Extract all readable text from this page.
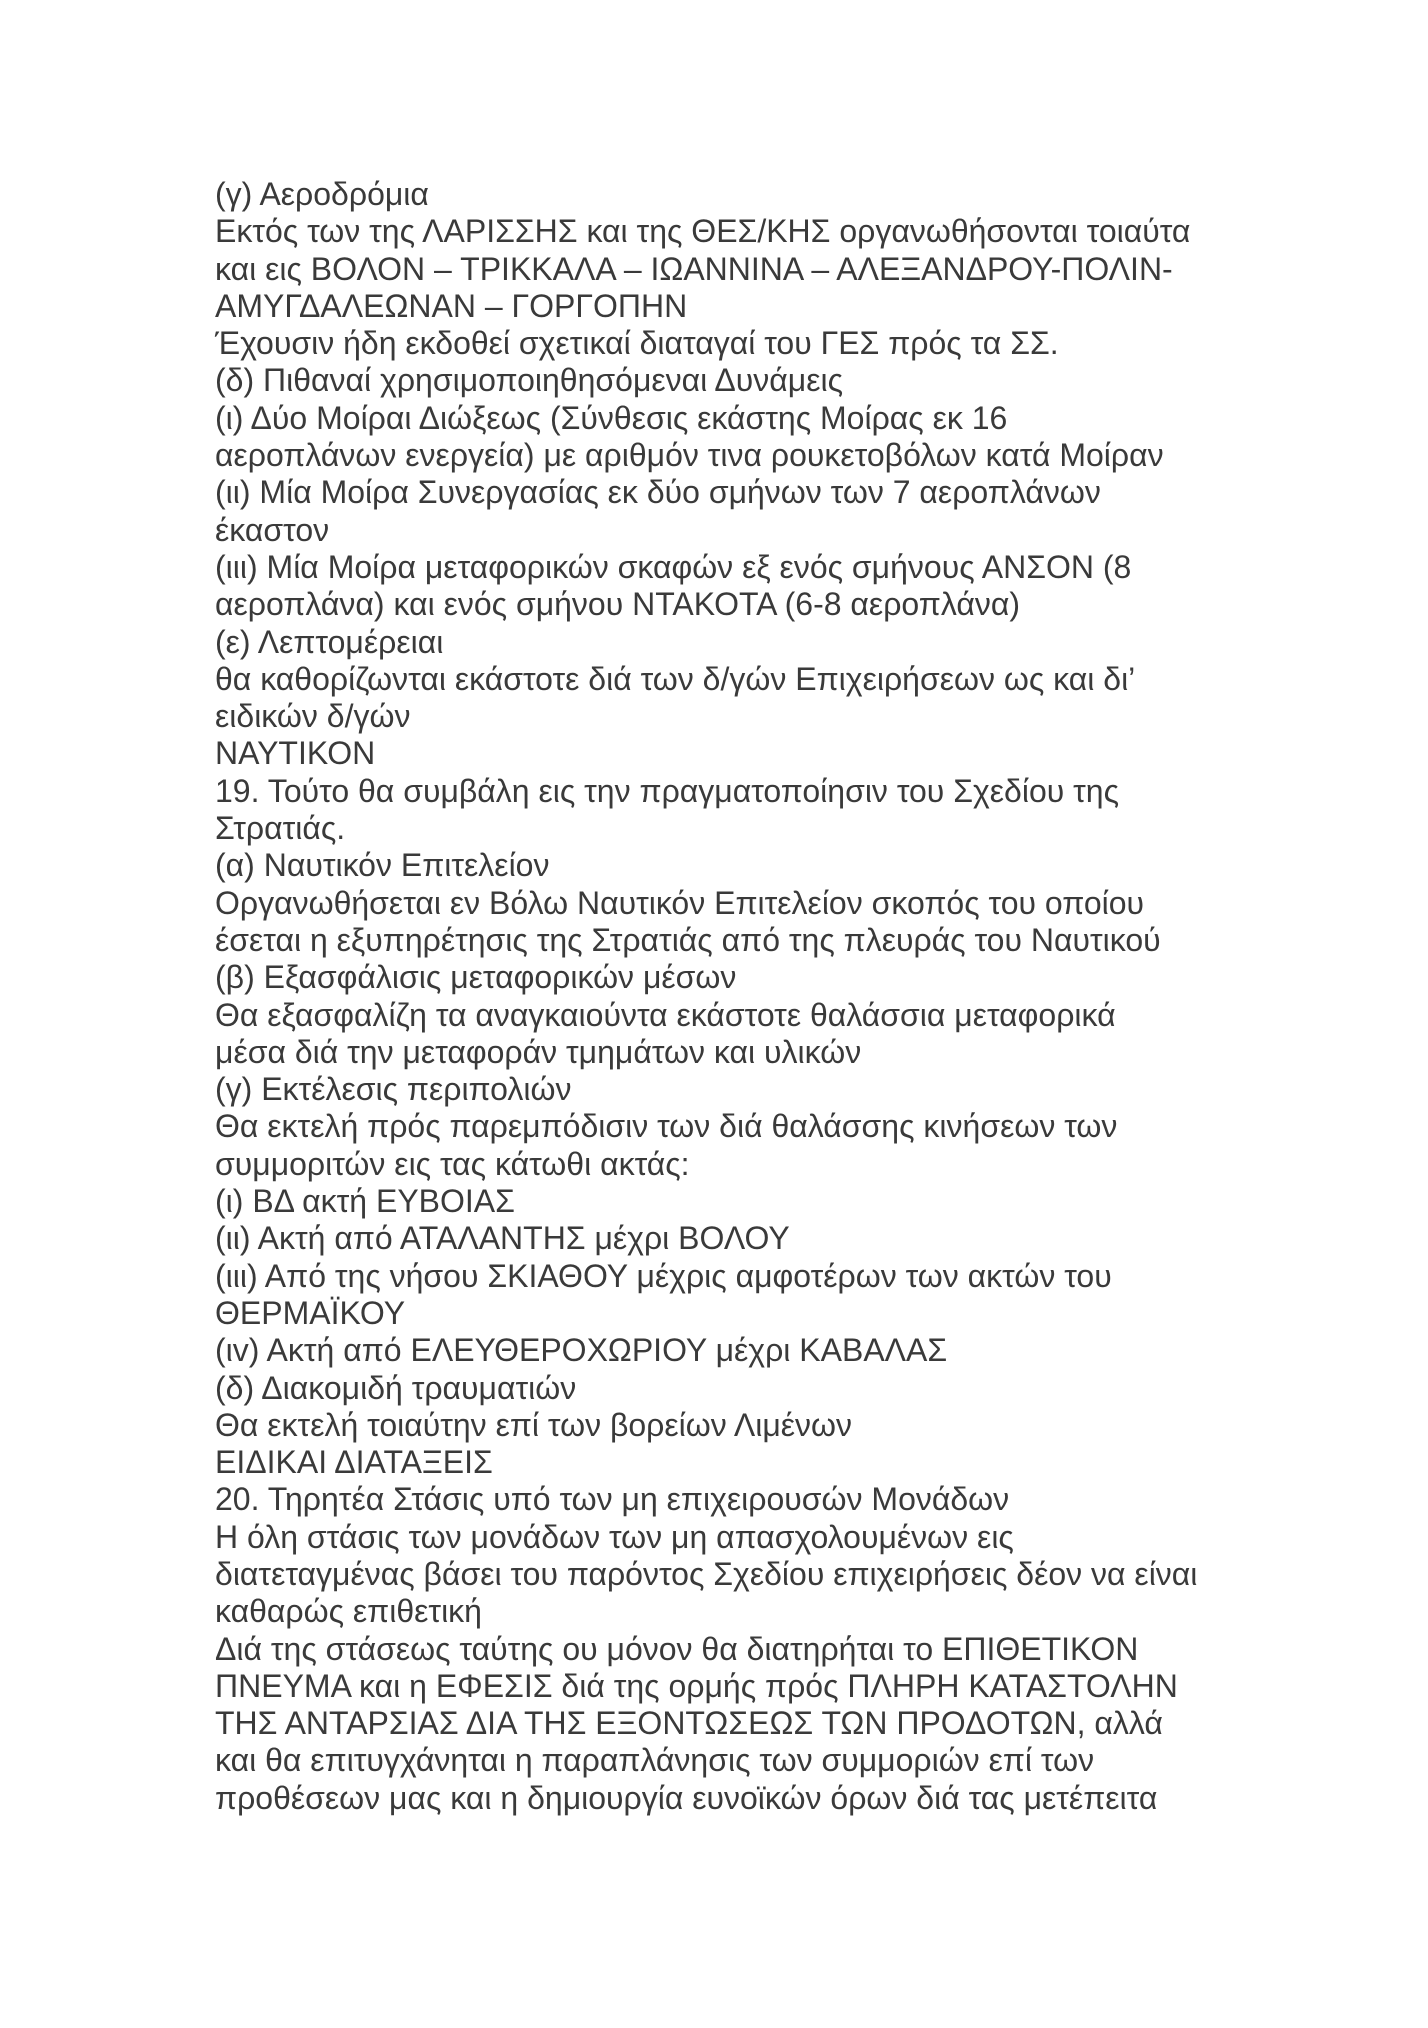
(γ) Αεροδρόμια
Εκτός των της ΛΑΡΙΣΣΗΣ και της ΘΕΣ/ΚΗΣ οργανωθήσονται τοιαύτα
και εις ΒΟΛΟΝ – ΤΡΙΚΚΑΛΑ – ΙΩΑΝΝΙΝΑ – ΑΛΕΞΑΝΔΡΟΥ-ΠΟΛΙΝ-
ΑΜΥΓΔΑΛΕΩΝΑΝ – ΓΟΡΓΟΠΗΝ
Έχουσιν ήδη εκδοθεί σχετικαί διαταγαί του ΓΕΣ πρός τα ΣΣ.
(δ) Πιθαναί χρησιμοποιηθησόμεναι Δυνάμεις
(ι) Δύο Μοίραι Διώξεως (Σύνθεσις εκάστης Μοίρας εκ 16
αεροπλάνων ενεργεία) με αριθμόν τινα ρουκετοβόλων κατά Μοίραν
(ιι) Μία Μοίρα Συνεργασίας εκ δύο σμήνων των 7 αεροπλάνων
έκαστον
(ιιι) Μία Μοίρα μεταφορικών σκαφών εξ ενός σμήνους ΑΝΣΟΝ (8
αεροπλάνα) και ενός σμήνου ΝΤΑΚΟΤΑ (6-8 αεροπλάνα)
(ε) Λεπτομέρειαι
θα καθορίζωνται εκάστοτε διά των δ/γών Επιχειρήσεων ως και δι’
ειδικών δ/γών
ΝΑΥΤΙΚΟΝ
19. Τούτο θα συμβάλη εις την πραγματοποίησιν του Σχεδίου της
Στρατιάς.
(α) Ναυτικόν Επιτελείον
Οργανωθήσεται εν Βόλω Ναυτικόν Επιτελείον σκοπός του οποίου
έσεται η εξυπηρέτησις της Στρατιάς από της πλευράς του Ναυτικού
(β) Εξασφάλισις μεταφορικών μέσων
Θα εξασφαλίζη τα αναγκαιούντα εκάστοτε θαλάσσια μεταφορικά
μέσα διά την μεταφοράν τμημάτων και υλικών
(γ) Εκτέλεσις περιπολιών
Θα εκτελή πρός παρεμπόδισιν των διά θαλάσσης κινήσεων των
συμμοριτών εις τας κάτωθι ακτάς:
(ι) ΒΔ ακτή ΕΥΒΟΙΑΣ
(ιι) Ακτή από ΑΤΑΛΑΝΤΗΣ μέχρι ΒΟΛΟΥ
(ιιι) Από της νήσου ΣΚΙΑΘΟΥ μέχρις αμφοτέρων των ακτών του
ΘΕΡΜΑΪΚΟΥ
(ιv) Ακτή από ΕΛΕΥΘΕΡΟΧΩΡΙΟΥ μέχρι ΚΑΒΑΛΑΣ
(δ) Διακομιδή τραυματιών
Θα εκτελή τοιαύτην επί των βορείων Λιμένων
ΕΙΔΙΚΑΙ ΔΙΑΤΑΞΕΙΣ
20. Τηρητέα Στάσις υπό των μη επιχειρουσών Μονάδων
Η όλη στάσις των μονάδων των μη απασχολουμένων εις
διατεταγμένας βάσει του παρόντος Σχεδίου επιχειρήσεις δέον να είναι
καθαρώς επιθετική
Διά της στάσεως ταύτης ου μόνον θα διατηρήται το ΕΠΙΘΕΤΙΚΟΝ
ΠΝΕΥΜΑ και η ΕΦΕΣΙΣ διά της ορμής πρός ΠΛΗΡΗ ΚΑΤΑΣΤΟΛΗΝ
ΤΗΣ ΑΝΤΑΡΣΙΑΣ ΔΙΑ ΤΗΣ ΕΞΟΝΤΩΣΕΩΣ ΤΩΝ ΠΡΟΔΟΤΩΝ, αλλά
και θα επιτυγχάνηται η παραπλάνησις των συμμοριών επί των
προθέσεων μας και η δημιουργία ευνοϊκών όρων διά τας μετέπειτα
